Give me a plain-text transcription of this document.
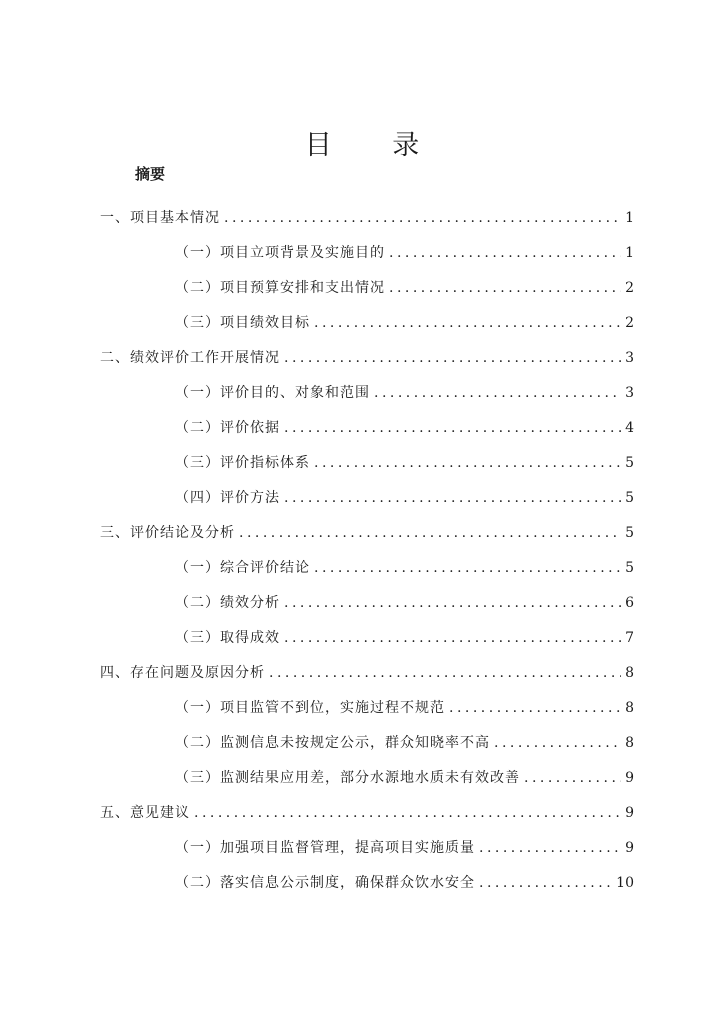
目 录
摘要
一、项目基本情况 .....	1
（一）项目立项背景及实施目的 .....	1
（二）项目预算安排和支出情况 .....	2
（三）项目绩效目标 .....	2
二、绩效评价工作开展情况 .....	3
（一）评价目的、对象和范围 .....	3
（二）评价依据 .....	4
（三）评价指标体系 .....	5
（四）评价方法 .....	5
三、评价结论及分析 .....	5
（一）综合评价结论 .....	5
（二）绩效分析 .....	6
（三）取得成效 .....	7
四、存在问题及原因分析 .....	8
（一）项目监管不到位，实施过程不规范 .....	8
（二）监测信息未按规定公示，群众知晓率不高 .....	8
（三）监测结果应用差，部分水源地水质未有效改善 .....	9
五、意见建议 .....	9
（一）加强项目监督管理，提高项目实施质量 .....	9
（二）落实信息公示制度，确保群众饮水安全 .....	10
